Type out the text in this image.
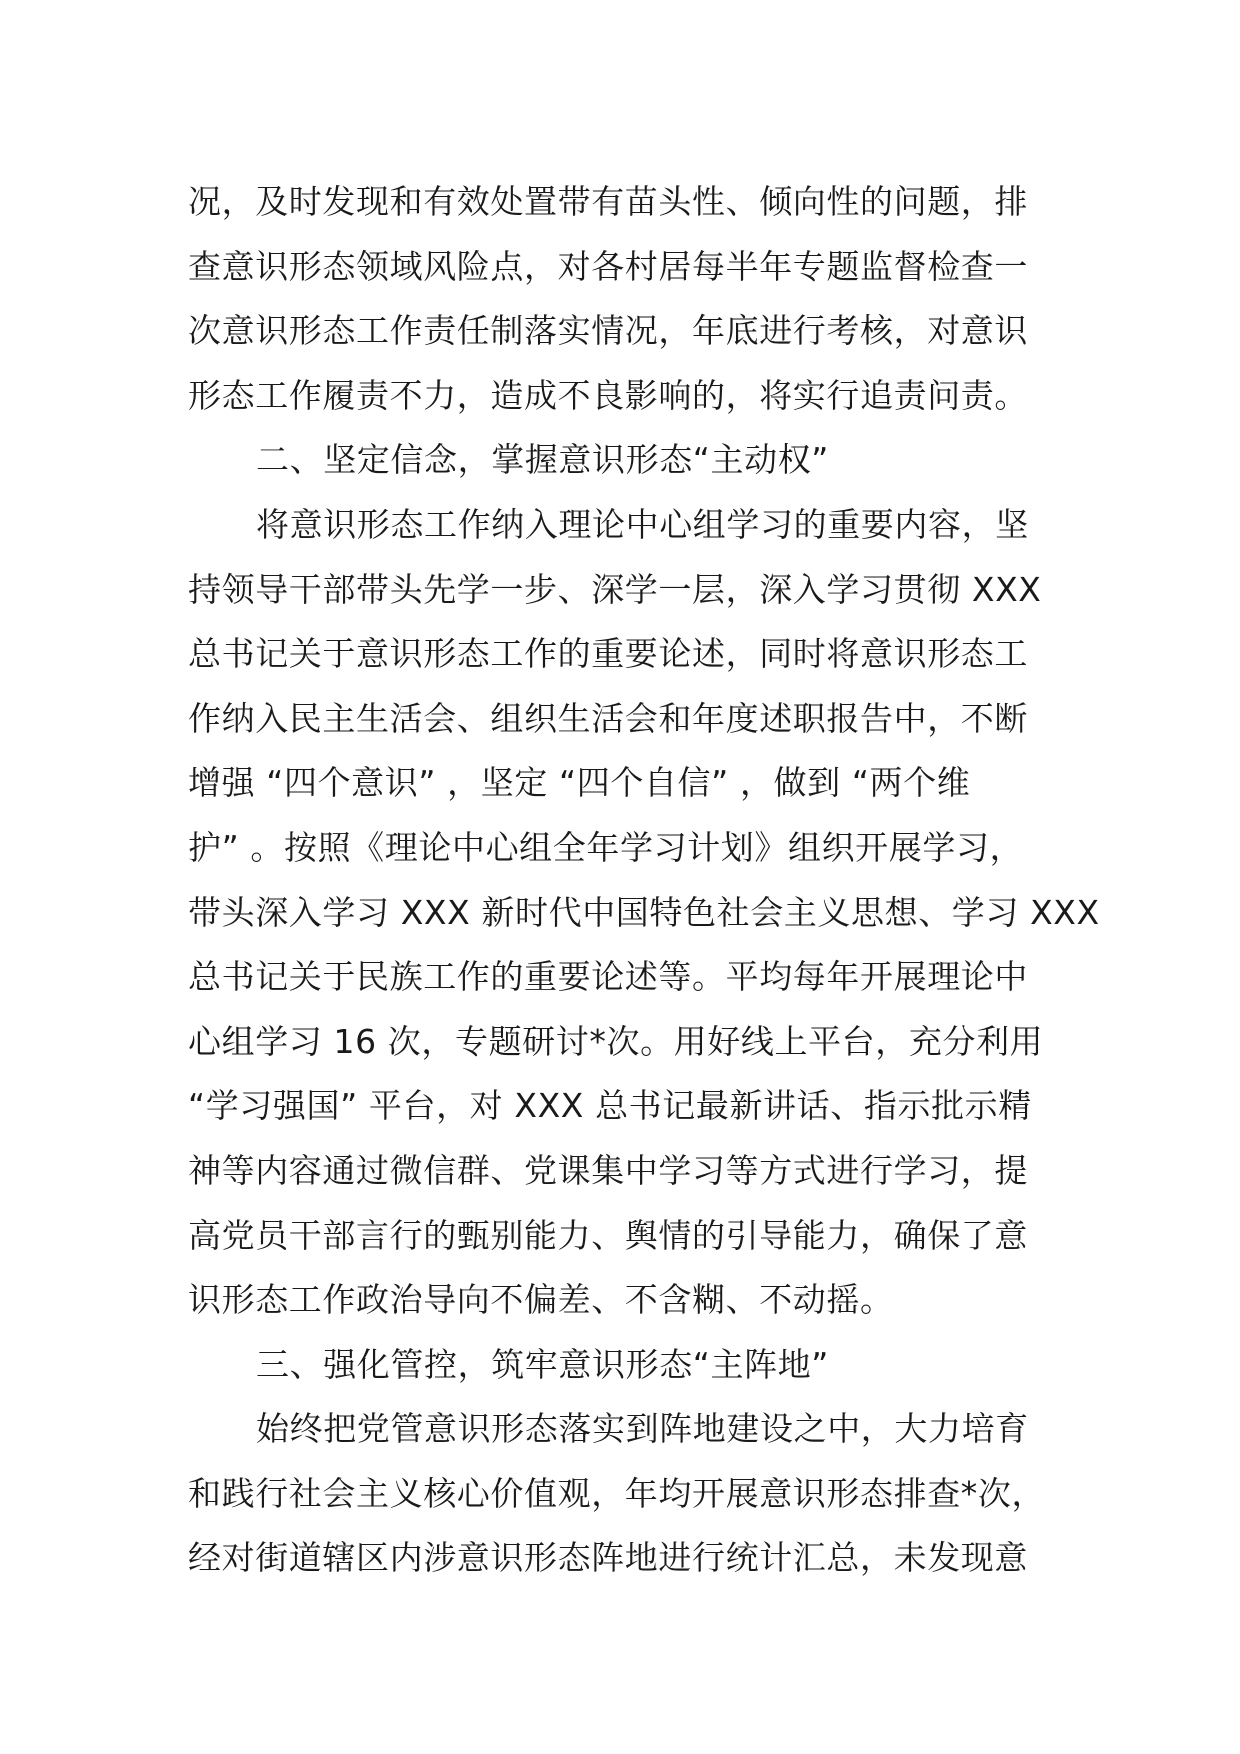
况，及时发现和有效处置带有苗头性、倾向性的问题，排
查意识形态领域风险点，对各村居每半年专题监督检查一
次意识形态工作责任制落实情况，年底进行考核，对意识
形态工作履责不力，造成不良影响的，将实行追责问责。
二、坚定信念，掌握意识形态“主动权”
将意识形态工作纳入理论中心组学习的重要内容，坚
持领导干部带头先学一步、深学一层，深入学习贯彻 XXX
总书记关于意识形态工作的重要论述，同时将意识形态工
作纳入民主生活会、组织生活会和年度述职报告中，不断
增强 “四个意识” ，坚定 “四个自信” ，做到 “两个维
护” 。按照《理论中心组全年学习计划》组织开展学习，
带头深入学习 XXX 新时代中国特色社会主义思想、学习 XXX
总书记关于民族工作的重要论述等。平均每年开展理论中
心组学习 16 次，专题研讨*次。用好线上平台，充分利用
“学习强国” 平台，对 XXX 总书记最新讲话、指示批示精
神等内容通过微信群、党课集中学习等方式进行学习，提
高党员干部言行的甄别能力、舆情的引导能力，确保了意
识形态工作政治导向不偏差、不含糊、不动摇。
三、强化管控，筑牢意识形态“主阵地”
始终把党管意识形态落实到阵地建设之中，大力培育
和践行社会主义核心价值观，年均开展意识形态排查*次，
经对街道辖区内涉意识形态阵地进行统计汇总，未发现意
